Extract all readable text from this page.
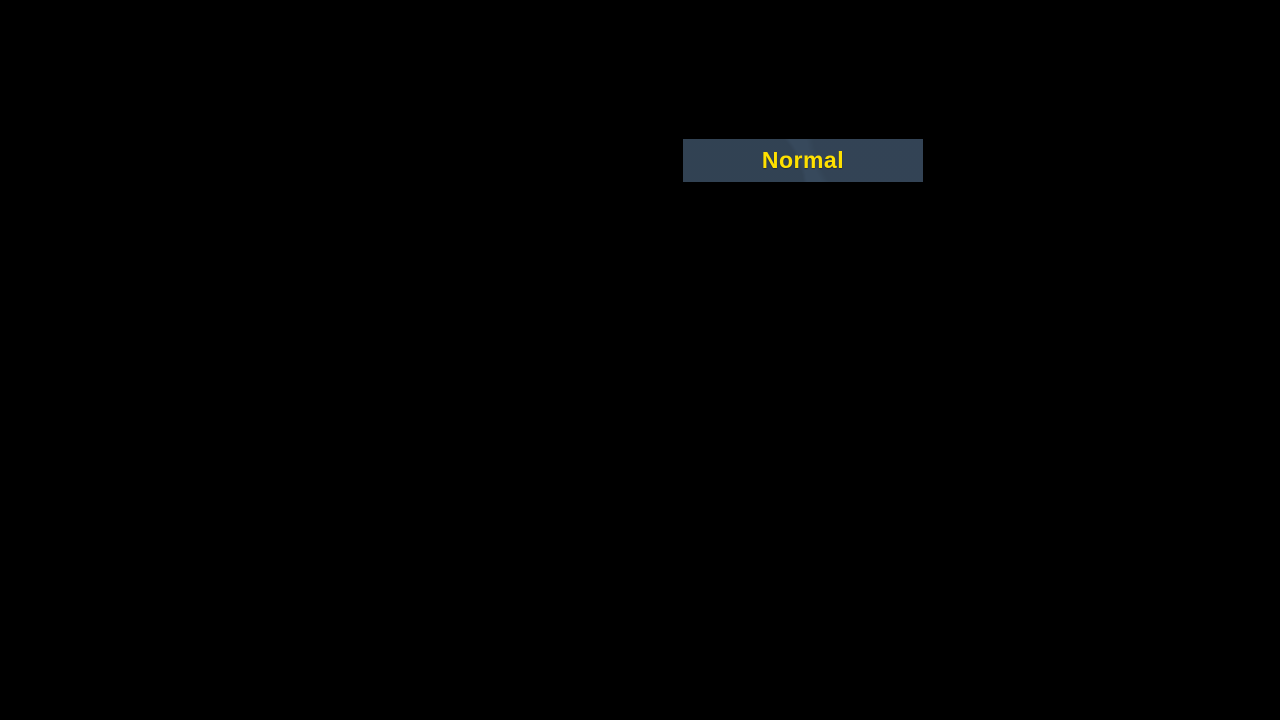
Normal
